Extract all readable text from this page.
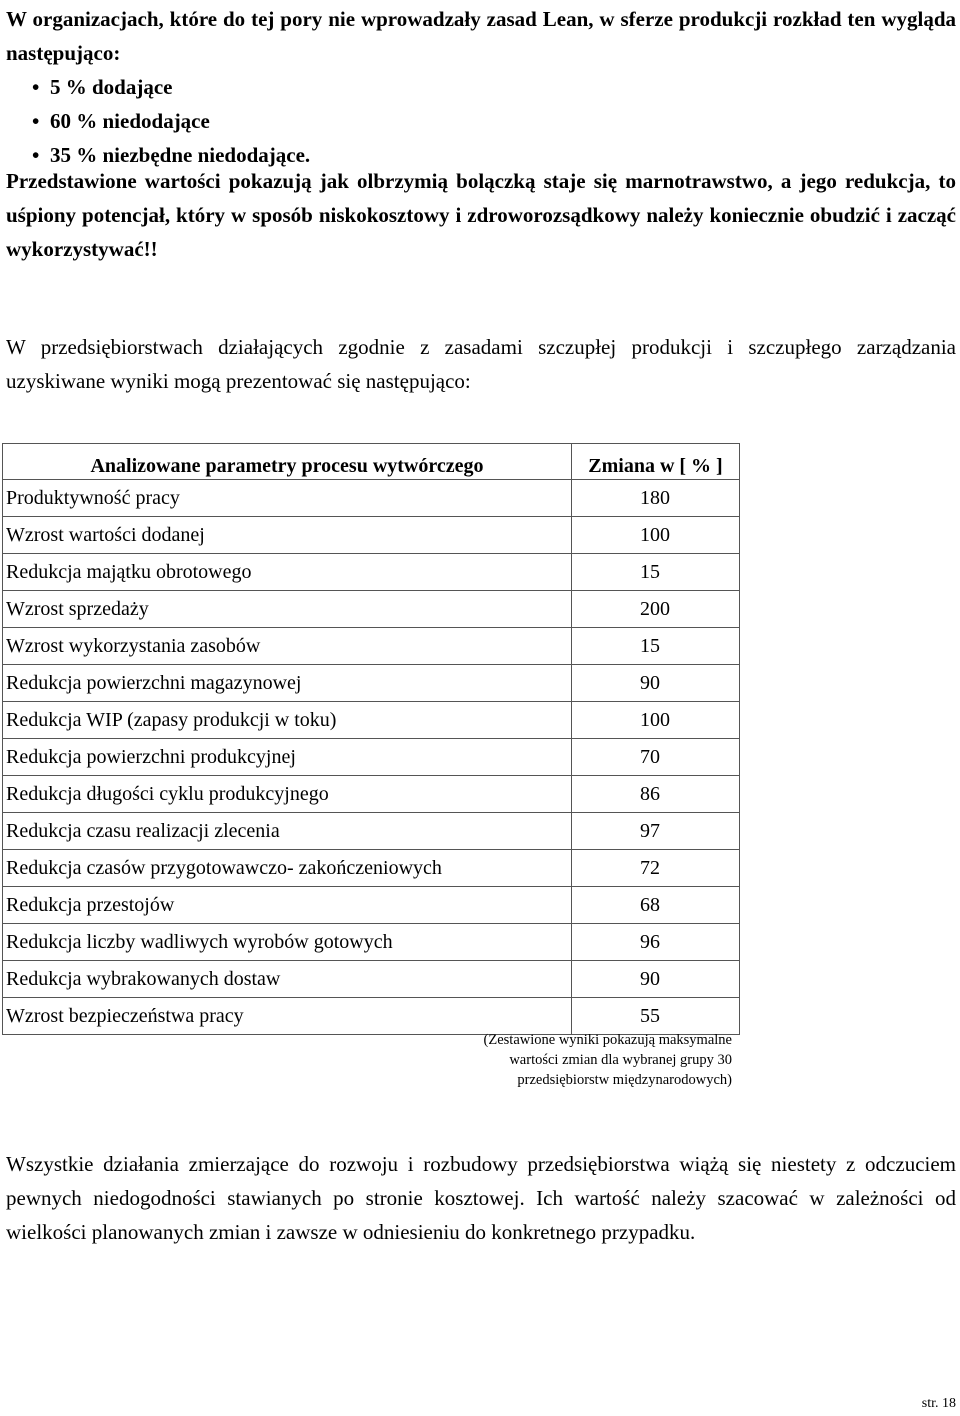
W organizacjach, które do tej pory nie wprowadzały zasad Lean, w sferze produkcji rozkład ten wygląda następująco:
• 5 % dodające
• 60 % niedodające
• 35 % niezbędne niedodające.
Przedstawione wartości pokazują jak olbrzymią bolączką staje się marnotrawstwo, a jego redukcja, to uśpiony potencjał, który w sposób niskokosztowy i zdroworozsądkowy należy koniecznie obudzić i zacząć wykorzystywać!!
W przedsiębiorstwach działających zgodnie z zasadami szczupłej produkcji i szczupłego zarządzania uzyskiwane wyniki mogą prezentować się następująco:
Analizowane parametry procesu wytwórczego	Zmiana w [ % ]
Produktywność pracy	180
Wzrost wartości dodanej	100
Redukcja majątku obrotowego	15
Wzrost sprzedaży	200
Wzrost wykorzystania zasobów	15
Redukcja powierzchni magazynowej	90
Redukcja WIP (zapasy produkcji w toku)	100
Redukcja powierzchni produkcyjnej	70
Redukcja długości cyklu produkcyjnego	86
Redukcja czasu realizacji zlecenia	97
Redukcja czasów przygotowawczo- zakończeniowych	72
Redukcja przestojów	68
Redukcja liczby wadliwych wyrobów gotowych	96
Redukcja wybrakowanych dostaw	90
Wzrost bezpieczeństwa pracy	55
(Zestawione wyniki pokazują maksymalne
wartości zmian dla wybranej grupy 30
przedsiębiorstw międzynarodowych)
Wszystkie działania zmierzające do rozwoju i rozbudowy przedsiębiorstwa wiążą się niestety z odczuciem pewnych niedogodności stawianych po stronie kosztowej. Ich wartość należy szacować w zależności od wielkości planowanych zmian i zawsze w odniesieniu do konkretnego przypadku.
str. 18
